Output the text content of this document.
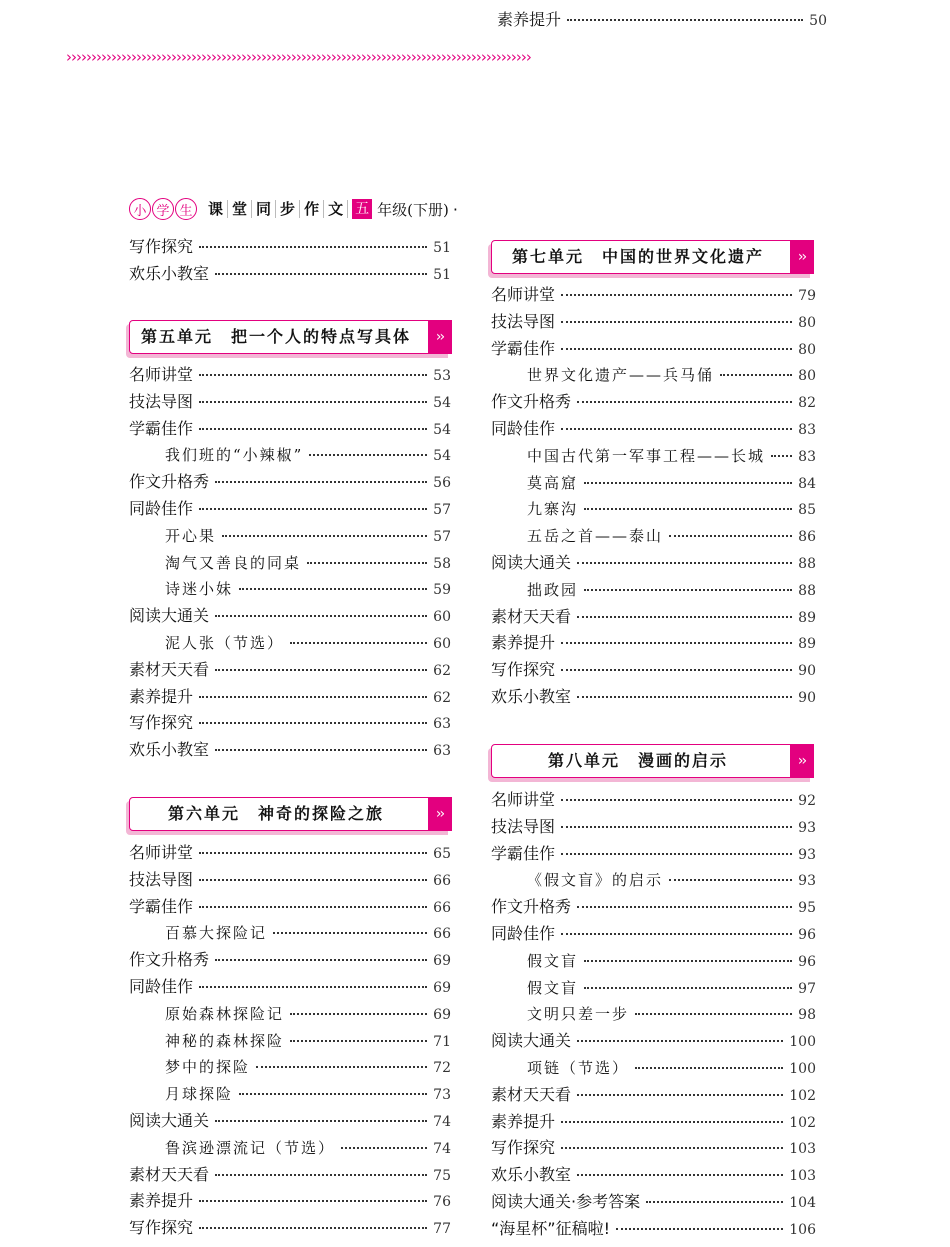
›››››››››››››››››››››››››››››››››››››››››››››››››››››››››››››››››››››››››››››››››››››››››››››
素养提升	50
小 学 生	课 堂 同 步 作 文 五 年级(下册) ·
第五单元　把一个人的特点写具体	››
第六单元　神奇的探险之旅	››
第七单元　中国的世界文化遗产	››
第八单元　漫画的启示	››
写作探究	51
欢乐小教室	51
名师讲堂	53
技法导图	54
学霸佳作	54
我们班的“小辣椒”	54
作文升格秀	56
同龄佳作	57
开心果	57
淘气又善良的同桌	58
诗迷小妹	59
阅读大通关	60
泥人张（节选）	60
素材天天看	62
素养提升	62
写作探究	63
欢乐小教室	63
名师讲堂	65
技法导图	66
学霸佳作	66
百慕大探险记	66
作文升格秀	69
同龄佳作	69
原始森林探险记	69
神秘的森林探险	71
梦中的探险	72
月球探险	73
阅读大通关	74
鲁滨逊漂流记（节选）	74
素材天天看	75
素养提升	76
写作探究	77
名师讲堂	79
技法导图	80
学霸佳作	80
世界文化遗产——兵马俑	80
作文升格秀	82
同龄佳作	83
中国古代第一军事工程——长城 83
莫高窟	84
九寨沟	85
五岳之首——泰山	86
阅读大通关	88
拙政园	88
素材天天看	89
素养提升	89
写作探究	90
欢乐小教室	90
名师讲堂	92
技法导图	93
学霸佳作	93
《假文盲》的启示	93
作文升格秀	95
同龄佳作	96
假文盲	96
假文盲	97
文明只差一步	98
阅读大通关	100
项链（节选）	100
素材天天看	102
素养提升	102
写作探究	103
欢乐小教室	103
阅读大通关·参考答案	104
“海星杯”征稿啦!	106
